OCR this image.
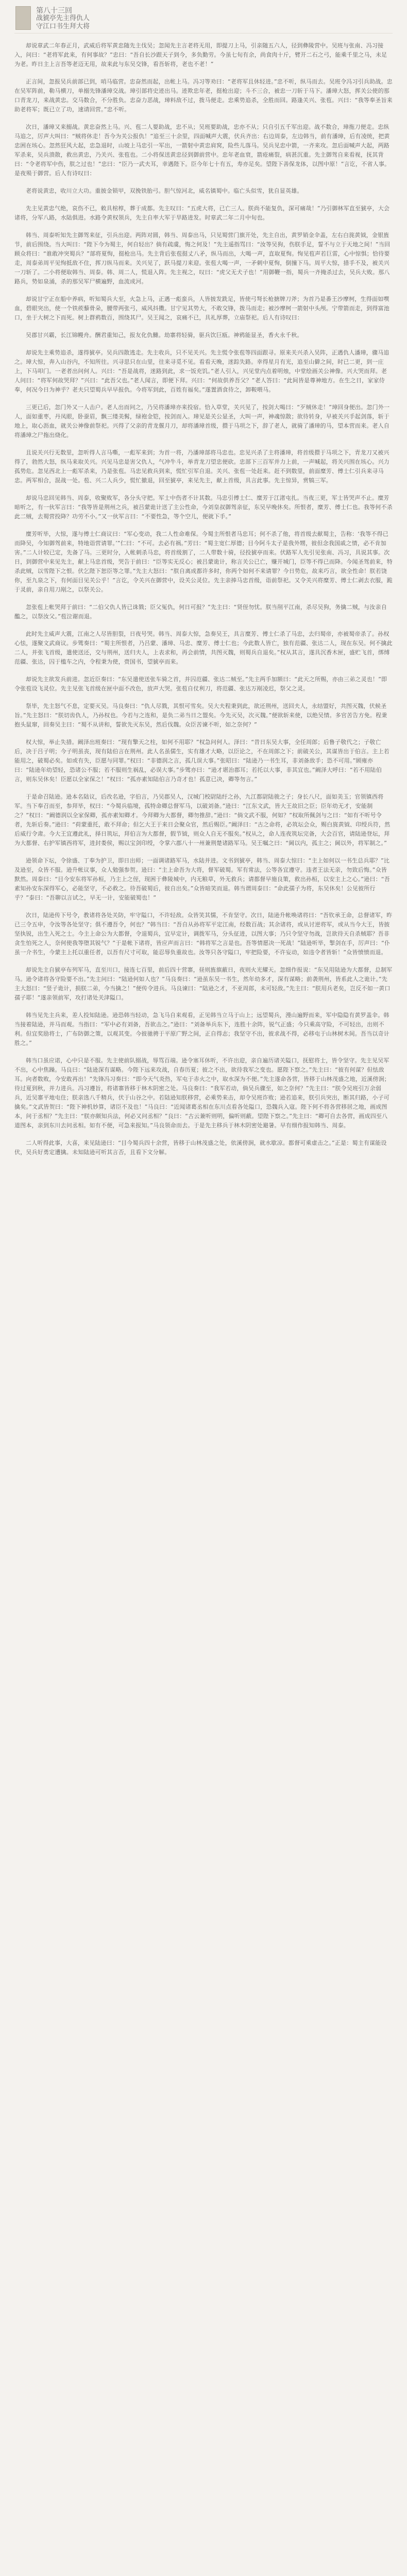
第八十三回
战猇亭先主得仇人 守江口书生拜大将

却说章武二年春正月，武威后将军黄忠随先主伐吴；忽闻先主言老将无用，即提刀上马，引亲随五六人，径到彝陵营中。吴班与张南、冯习接入，问曰：“老将军此来，有何事故？”忠曰：“吾自长沙跟天子到今，多负勤劳。今虽七旬有余，尚食肉十斤，臂开二石之弓，能乘千里之马，未足为老。昨日主上言吾等老迈无用，故来此与东吴交锋，看吾斩将，老也不老！”

正言间，忽报吴兵前部已到，哨马临营。忠奋然而起，出帐上马。冯习等劝曰：“老将军且休轻进。”忠不听，纵马而去。吴班令冯习引兵助战。忠在吴军阵前，勒马横刀，单搦先锋潘璋交战。璋引部将史迹出马。迹欺忠年老，挺枪出迎；斗不三合，被忠一刀斩于马下。潘璋大怒，挥关公使的那口青龙刀，来战黄忠。交马数合，不分胜负。忠奋力恶战，璋料敌不过，拨马便走。忠乘势追杀，全胜而回。路逢关兴、张苞。兴曰：“我等奉圣旨来助老将军；既已立了功，速请回营。”忠不听。

次日，潘璋又来搦战。黄忠奋然上马。兴、苞二人要助战，忠不从；吴班要助战，忠亦不从；只自引五千军出迎。战不数合，璋拖刀便走。忠纵马追之，厉声大叫曰：“贼将休走！吾今为关公报仇！”追至三十余里，四面喊声大震，伏兵齐出：右边周泰，左边韩当，前有潘璋，后有凌统，把黄忠困在垓心。忽然狂风大起，忠急退时，山坡上马忠引一军出，一箭射中黄忠肩窝，险些儿落马。吴兵见忠中箭，一齐来攻。忽后面喊声大起，两路军杀来，吴兵溃散，救出黄忠，乃关兴、张苞也。二小将保送黄忠径到御前营中。忠年老血衰，箭疮痛裂，病甚沉重。先主御驾自来看视，抚其背曰：“令老将军中伤，朕之过也！”忠曰：“臣乃一武夫耳，幸遇陛下。臣今年七十有五，寿亦足矣。望陛下善保龙体，以图中原！”言讫，不省人事。是夜殒于御营。后人有诗叹曰：

老将说黄忠，收川立大功。重披金锁甲，双挽铁胎弓。胆气惊河北，威名镇蜀中。临亡头似雪，犹自显英雄。

先主见黄忠气绝，哀伤不已，敕具棺椁，葬于成都。先主叹曰：“五虎大将，已亡三人。朕尚不能复仇，深可痛哉！”乃引御林军直至猇亭，大会诸将，分军八路，水陆俱进。水路令黄权领兵，先主自率大军于旱路进发。时章武二年二月中旬也。

韩当、周泰听知先主御驾来征，引兵出迎。两阵对圆，韩当、周泰出马，只见蜀营门旗开处，先主自出，黄罗销金伞盖，左右白旄黄钺，金银旌节，前后围绕。当大叫曰：“陛下今为蜀主，何自轻出？倘有疏虞，悔之何及！”先主遥指骂曰：“汝等吴狗，伤朕手足，誓不与立于天地之间！”当回顾众将曰：“谁敢冲突蜀兵？”部将夏恂，挺枪出马。先主背后张苞挺丈八矛，纵马而出，大喝一声，直取夏恂。恂见苞声若巨雷，心中惊惧；恰待要走，周泰弟周平见恂抵敌不住，挥刀纵马而来。关兴见了，跃马提刀来迎。张苞大喝一声，一矛刺中夏恂，倒撞下马。周平大惊，措手不及，被关兴一刀斩了。二小将便取韩当、周泰。韩、周二人，慌退入阵。先主视之，叹曰：“虎父无犬子也！”用御鞭一指，蜀兵一齐掩杀过去，吴兵大败。那八路兵，势如泉涌，杀的那吴军尸横遍野，血流成河。

却说甘宁正在船中养病，听知蜀兵大至，火急上马，正遇一彪蛮兵，人皆披发跣足，皆使弓弩长枪搪牌刀斧；为首乃是番王沙摩柯，生得面如噀血，碧眼突出，使一个铁蒺藜骨朵，腰带两张弓，威风抖擞。甘宁见其势大，不敢交锋，拨马而走；被沙摩柯一箭射中头颅。宁带箭而走，到得富池口，坐于大树之下而死。树上群鸦数百，围绕其尸。吴王闻之，哀痛不已，具礼厚葬，立庙祭祀。后人有诗叹曰：

吴郡甘兴霸，长江锦幔舟。酬君重知己，报友化仇雠。劫寨将轻骑，驱兵饮巨瓯。神鸦能显圣，香火永千秋。

却说先主乘势追杀，遂得猇亭。吴兵四散逃走。先主收兵，只不见关兴。先主慌令张苞等四面跟寻。原来关兴杀入吴阵，正遇仇人潘璋，骤马追之。璋大惊，奔入山谷内，不知所往。兴寻思只在山里，往来寻觅不见。看看天晚，迷踪失路。幸得星月有光，追至山僻之间，时已二更，到一庄上，下马叩门。一老者出问何人。兴曰：“吾是战将，迷路到此，求一饭充饥。”老人引入，兴见堂内点着明烛，中堂绘画关公神像。兴大哭而拜。老人问曰：“将军何故哭拜？”兴曰：“此吾父也。”老人闻言，即便下拜。兴曰：“何故供养吾父？”老人答曰：“此间皆是尊神地方。在生之日，家家侍奉，何况今日为神乎？老夫只望蜀兵早早报仇。今将军到此，百姓有福矣。”遂置酒食待之，卸鞍喂马。

三更已后，忽门外又一人击户。老人出而问之，乃吴将潘璋亦来投宿。恰入草堂，关兴见了，按剑大喝曰：“歹贼休走！”璋回身便出。忽门外一人，面如重枣，丹凤眼，卧蚕眉，飘三缕美髯，绿袍金铠，按剑而入。璋见是关公显圣，大叫一声，神魂惊散；欲待转身，早被关兴手起剑落，斩于地上，取心沥血，就关公神像前祭祀。兴得了父亲的青龙偃月刀，却将潘璋首级，擐于马项之下，辞了老人，就骑了潘璋的马，望本营而来。老人自将潘璋之尸拖出烧化。

且说关兴行无数里，忽听得人言马嘶，一彪军来到；为首一将，乃潘璋部将马忠也。忠见兴杀了主将潘璋，将首级擐于马项之下，青龙刀又被兴得了，勃然大怒，纵马来取关兴。兴见马忠是害父仇人，气冲牛斗，举青龙刀望忠便砍。忠部下三百军并力上前，一声喊起，将关兴围在垓心。兴力孤势危。忽见西北上一彪军杀来，乃是张苞。马忠见救兵到来，慌忙引军自退。关兴、张苞一处赶来。赶不到数里，前面糜芳、傅士仁引兵来寻马忠。两军相合，混战一处。苞、兴二人兵少，慌忙撤退，回至猇亭，来见先主，献上首级，具言此事。先主惊异，赏犒三军。

却说马忠回见韩当、周泰，收聚败军，各分头守把。军士中伤者不计其数。马忠引傅士仁、糜芳于江渚屯扎。当夜三更，军士皆哭声不止。糜芳暗听之，有一伙军言曰：“我等皆是荆州之兵，被吕蒙诡计送了主公性命，今刘皇叔御驾亲征，东吴早晚休矣。所恨者，糜芳、傅士仁也。我等何不杀此二贼，去蜀营投降？功劳不小。”又一伙军言曰：“不要性急，等个空儿，便就下手。”

糜芳听毕，大惊，遂与傅士仁商议曰：“军心变动，我二人性命难保。今蜀主所恨者马忠耳；何不杀了他，将首级去献蜀主，告称：‘我等不得已而降吴，今知御驾前来，特地诣营请罪。’”仁曰：“不可。去必有祸。”芳曰：“蜀主宽仁厚德；目今阿斗太子是我外甥，彼但念我国戚之情，必不肯加害。”二人计较已定，先备了马。三更时分，入帐刺杀马忠，将首级割了，二人带数十骑，径投猇亭而来。伏路军人先引见张南、冯习，具说其事。次日，到御营中来见先主，献上马忠首级，哭告于前曰：“臣等实无反心；被吕蒙诡计，称言关公已亡，赚开城门，臣等不得已而降。今闻圣驾前来，特杀此贼，以雪陛下之恨。伏乞陛下恕臣等之罪。”先主大怒曰：“朕自离成都许多时，你两个如何不来请罪？今日势危，故来巧言，欲全性命！朕若饶你，至九泉之下，有何面目见关公乎！”言讫，令关兴在御营中，设关公灵位。先主亲捧马忠首级，诣前祭祀。又令关兴将糜芳、傅士仁剥去衣服，跪于灵前，亲自用刀剐之，以祭关公。

忽张苞上帐哭拜于前曰：“二伯父仇人皆已诛戮；臣父冤仇，何日可报？”先主曰：“贤侄勿忧。朕当削平江南，杀尽吴狗，务擒二贼，与汝亲自醢之，以祭汝父。”苞泣谢而退。

此时先主威声大震，江南之人尽皆胆裂，日夜号哭。韩当、周泰大惊，急奏吴王，具言糜芳、傅士仁杀了马忠，去归蜀帝，亦被蜀帝杀了。孙权心怯，遂聚文武商议。步骘奏曰：“蜀主所恨者，乃吕蒙、潘璋、马忠、糜芳、傅士仁也；今此数人皆亡，独有范疆、张达二人，现在东吴。何不擒此二人，并张飞首级，遣使送还，交与荆州，送归夫人，上表求和，再会前情，共图灭魏，则蜀兵自退矣。”权从其言，遂具沉香木匣，盛贮飞首，绑缚范疆、张达，囚于槛车之内，令程秉为使，赍国书，望猇亭而来。

却说先主欲发兵前进。忽近臣奏曰：“东吴遣使送张车骑之首，并囚范疆、张达二贼至。”先主两手加额曰：“此天之所赐，亦由三弟之灵也！”即令张苞设飞灵位。先主见张飞首级在匣中面不改色，放声大哭。张苞自仗利刀，将范疆、张达万剐凌迟，祭父之灵。

祭毕，先主怒气不息，定要灭吴。马良奏曰：“仇人尽戮，其恨可雪矣。吴大夫程秉到此，欲还荆州，送回夫人，永结盟好，共图灭魏，伏候圣旨。”先主怒曰：“朕切齿仇人，乃孙权也。今若与之连和，是负二弟当日之盟矣。今先灭吴，次灭魏。”便欲斩来使，以绝吴情。多官苦告方免。程秉抱头鼠窜，回奏吴主曰：“蜀不从讲和，誓欲先灭东吴，然后伐魏。众臣苦谏不听，如之奈何？”

权大惊，举止失措。阚泽出班奏曰：“现有擎天之柱，如何不用耶？”权急问何人。泽曰：“昔日东吴大事，全任周郎；后鲁子敬代之；子敬亡后，决于吕子明；今子明虽丧，现有陆伯言在荆州。此人名虽儒生，实有雄才大略，以臣论之，不在周郎之下；前破关公，其谋皆出于伯言。主上若能用之，破蜀必矣。如或有失，臣愿与同罪。”权曰：“非德润之言，孤几误大事。”张昭曰：“陆逊乃一书生耳，非刘备敌手；恐不可用。”顾雍亦曰：“陆逊年幼望轻，恐诸公不服；若不服则生祸乱，必误大事。”步骘亦曰：“逊才堪治郡耳；若托以大事，非其宜也。”阚泽大呼曰：“若不用陆伯言，则东吴休矣！臣愿以全家保之！”权曰：“孤亦素知陆伯言乃奇才也！孤意已决，卿等勿言。”

于是命召陆逊。逊本名陆议，后改名逊，字伯言，乃吴郡吴人，汉城门校尉陆纡之孙，九江都尉陆骏之子；身长八尺，面如美玉；官领镇西将军。当下奉召而至，参拜毕，权曰：“今蜀兵临境，孤特命卿总督军马，以破刘备。”逊曰：“江东文武，皆大王故旧之臣；臣年幼无才，安能制之？”权曰：“阚德润以全家保卿，孤亦素知卿才。今拜卿为大都督，卿勿推辞。”逊曰：“倘文武不服，何如？”权取所佩剑与之曰：“如有不听号令者，先斩后奏。”逊曰：“荷蒙重托，敢不拜命；但乞大王于来日会聚众官，然后赐臣。”阚泽曰：“古之命将，必筑坛会众，赐白旄黄钺、印绶兵符，然后威行令肃。今大王宜遵此礼，择日筑坛，拜伯言为大都督，假节钺，则众人自无不服矣。”权从之，命人连夜筑坛完备，大会百官，请陆逊登坛，拜为大都督、右护军镇西将军，进封娄侯，赐以宝剑印绶，令掌六郡八十一州兼荆楚诸路军马。吴王嘱之曰：“阃以内，孤主之；阃以外，将军制之。”

逊领命下坛，令徐盛、丁奉为护卫，即日出师；一面调诸路军马，水陆并进。文书到猇亭，韩当、周泰大惊曰：“主上如何以一书生总兵耶？”比及逊至，众皆不服。逊升帐议事，众人勉强参贺。逊曰：“主上命吾为大将，督军破蜀。军有常法，公等各宜遵守。违者王法无亲，勿致后悔。”众皆默然。周泰曰：“目今安东将军孙桓，乃主上之侄，现困于彝陵城中，内无粮草，外无救兵；请都督早施良策，救出孙桓，以安主上之心。”逊曰：“吾素知孙安东深得军心，必能坚守，不必救之。待吾破蜀后，彼自出矣。”众皆暗笑而退。韩当谓周泰曰：“命此孺子为将，东吴休矣！公见彼所行乎？”泰曰：“吾聊以言试之，早无一计，安能破蜀也！”

次日，陆逊传下号令，教诸将各处关防，牢守隘口，不许轻敌。众皆笑其懦，不肯坚守。次日，陆逊升帐唤诸将曰：“吾钦承王命，总督诸军，昨已三令五申，令汝等各处坚守；俱不遵吾令，何也？”韩当曰：“吾自从孙将军平定江南，经数百战；其余诸将，或从讨逆将军，或从当今大王，皆披坚执锐，出生入死之士。今主上命公为大都督，令退蜀兵，宜早定计，调拨军马，分头征进，以图大事；乃只令坚守勿战，岂欲待天自杀贼耶？吾非贪生怕死之人，奈何使我等堕其锐气？”于是帐下诸将，皆应声而言曰：“韩将军之言是也。吾等情愿决一死战！”陆逊听毕，掣剑在手，厉声曰：“仆虽一介书生，今蒙主上托以重任者，以吾有尺寸可取，能忍辱负重故也。汝等只各守隘口，牢把险要，不许妄动，如违令者皆斩！”众皆愤愤而退。

却说先主自猇亭布列军马，直至川口，接连七百里，前后四十营寨，昼则旌旗蔽日，夜则火光耀天。忽细作报说：“东吴用陆逊为大都督，总制军马。逊令诸将各守险要不出。”先主问曰：“陆逊何如人也？”马良奏曰：“逊虽东吴一书生，然年幼多才，深有谋略；前袭荆州，皆系此人之诡计。”先主大怒曰：“竖子诡计，损朕二弟，今当擒之！”便传令进兵。马良谏曰：“陆逊之才，不亚周郎，未可轻敌。”先主曰：“朕用兵老矣，岂反不如一黄口孺子耶！”遂亲领前军，攻打诸处关津隘口。

韩当见先主兵来，差人投知陆逊。逊恐韩当轻动，急飞马自来观看，正见韩当立马于山上；远望蜀兵，漫山遍野而来，军中隐隐有黄罗盖伞。韩当接着陆逊，并马而观。当指曰：“军中必有刘备，吾欲击之。”逊曰：“刘备举兵东下，连胜十余阵，锐气正盛；今只乘高守险，不可轻出，出则不利。但宜奖励将士，广布防御之策，以观其变。今彼驰骋于平原广野之间，正自得志；我坚守不出，彼求战不得，必移屯于山林树木间。吾当以奇计胜之。”

韩当口虽应诺，心中只是不服。先主使前队搦战，辱骂百端。逊令塞耳休听，不许出迎，亲自遍历诸关隘口，抚慰将士，皆令坚守。先主见吴军不出，心中焦躁。马良曰：“陆逊深有谋略。今陛下远来攻战，自春历夏；彼之不出，欲待我军之变也。愿陛下察之。”先主曰：“彼有何谋？但怯敌耳。向者数败，今安敢再出！”先锋冯习奏曰：“即今天气炎热，军屯于赤火之中，取水深为不便。”先主遂命各营，皆移于山林茂盛之地，近溪傍涧；待过夏到秋，并力进兵。冯习遵旨，将诸寨皆移于林木阴密之处。马良奏曰：“我军若动，倘吴兵骤至，如之奈何？”先主曰：“朕令吴班引万余弱兵，近吴寨平地屯住；朕亲选八千精兵，伏于山谷之中。若陆逊知朕移营，必乘势来击，却令吴班诈败；逊若追来，朕引兵突出，断其归路，小子可擒矣。”文武皆贺曰：“陛下神机妙算，诸臣不及也！”马良曰：“近闻诸葛丞相在东川点看各处隘口，恐魏兵入寇。陛下何不将各营移居之地，画成图本，问于丞相？”先主曰：“朕亦颇知兵法，何必又问丞相？”良曰：“古云兼听则明，偏听则蔽。望陛下察之。”先主曰：“卿可自去各营，画成四至八道图本，亲到东川去问丞相。如有不便，可急来报知。”马良领命而去。于是先主移兵于林木阴密处避暑。早有细作报知韩当、周泰。

二人听得此事，大喜，来见陆逊曰：“目今蜀兵四十余营，皆移于山林茂盛之处，依溪傍涧，就水歇凉。都督可乘虚击之。”正是：蜀主有谋能设伏，吴兵好勇定遭擒。未知陆逊可听其言否，且看下文分解。
